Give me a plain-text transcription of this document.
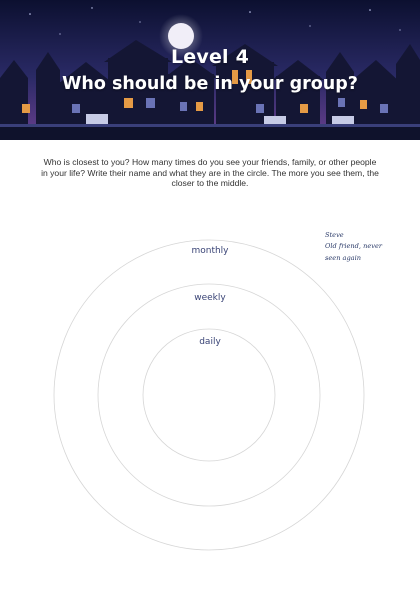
Level 4

Who should be in your group?

Who is closest to you? How many times do you see your friends, family, or other people in your life? Write their name and what they are in the circle. The more you see them, the closer to the middle.

Steve
Old friend, never
seen again
monthly
weekly
daily
